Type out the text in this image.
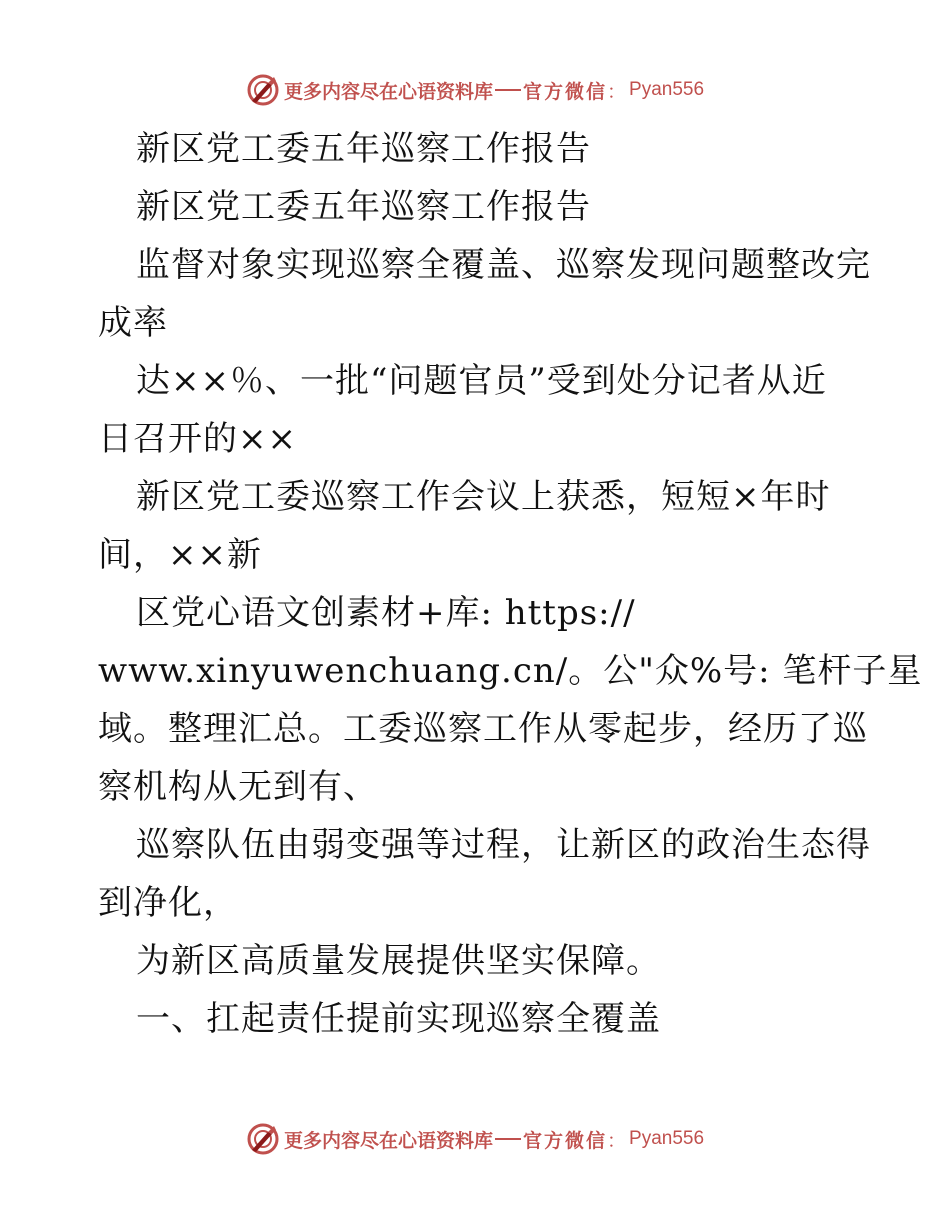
更多内容尽在心语资料库 官方微信 ： Pyan556
新区党工委五年巡察工作报告
新区党工委五年巡察工作报告
监督对象实现巡察全覆盖、巡察发现问题整改完
成率
达××％、一批“问题官员”受到处分记者从近
日召开的××
新区党工委巡察工作会议上获悉，短短×年时
间，××新
区党心语文创素材+库: https://
www.xinyuwenchuang.cn/。公"众%号: 笔杆子星
域。整理汇总。工委巡察工作从零起步，经历了巡
察机构从无到有、
巡察队伍由弱变强等过程，让新区的政治生态得
到净化，
为新区高质量发展提供坚实保障。
一、扛起责任提前实现巡察全覆盖
更多内容尽在心语资料库 官方微信 ： Pyan556
